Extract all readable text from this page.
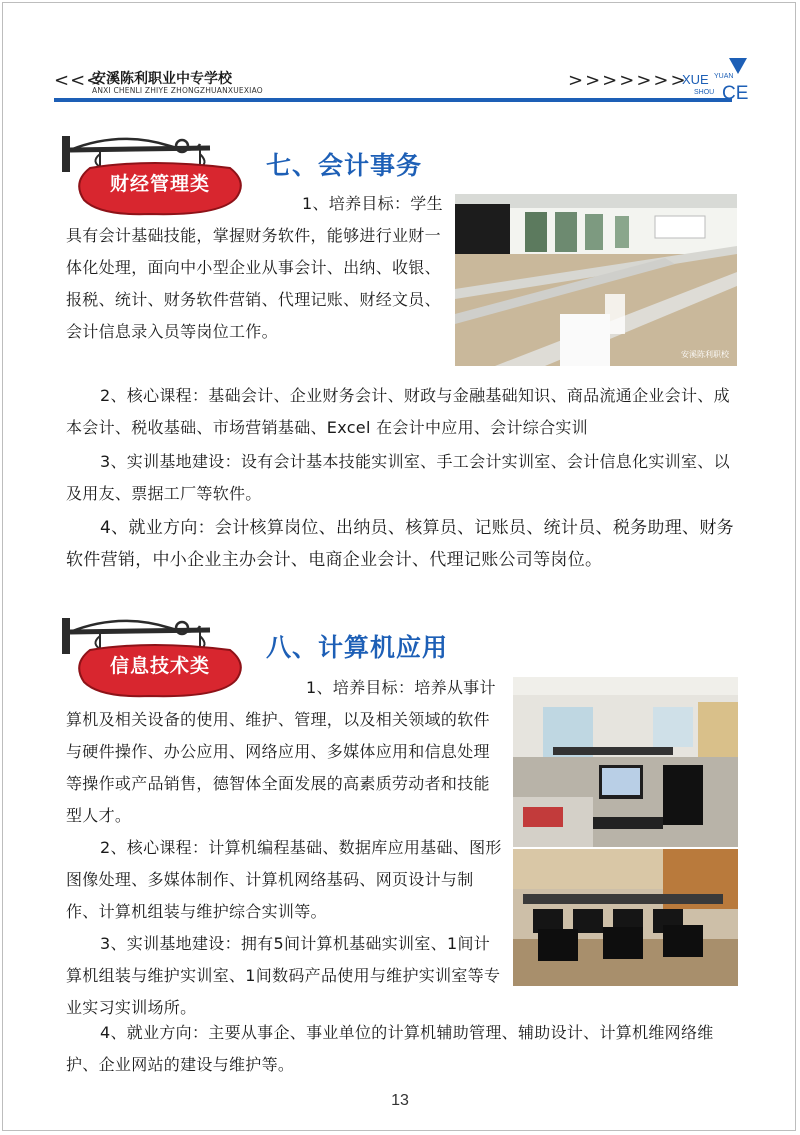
<<<
安溪陈利职业中专学校
ANXI CHENLI ZHIYE ZHONGZHUANXUEXIAO	>>>>>>>
XUE YUAN
SHOU CE
财经管理类
七、会计事务

1、培养目标：学生具有会计基础技能，掌握财务软件，能够进行业财一体化处理，面向中小型企业从事会计、出纳、收银、报税、统计、财务软件营销、代理记账、财经文员、会计信息录入员等岗位工作。

安溪陈利职校

2、核心课程：基础会计、企业财务会计、财政与金融基础知识、商品流通企业会计、成本会计、税收基础、市场营销基础、Excel 在会计中应用、会计综合实训

3、实训基地建设：设有会计基本技能实训室、手工会计实训室、会计信息化实训室、以及用友、票据工厂等软件。

4、就业方向：会计核算岗位、出纳员、核算员、记账员、统计员、税务助理、财务软件营销，中小企业主办会计、电商企业会计、代理记账公司等岗位。

信息技术类
八、计算机应用

1、培养目标：培养从事计算机及相关设备的使用、维护、管理，以及相关领域的软件与硬件操作、办公应用、网络应用、多媒体应用和信息处理等操作或产品销售，德智体全面发展的高素质劳动者和技能型人才。

2、核心课程：计算机编程基础、数据库应用基础、图形图像处理、多媒体制作、计算机网络基码、网页设计与制作、计算机组装与维护综合实训等。

3、实训基地建设：拥有5间计算机基础实训室、1间计算机组装与维护实训室、1间数码产品使用与维护实训室等专业实习实训场所。

4、就业方向：主要从事企、事业单位的计算机辅助管理、辅助设计、计算机维网络维护、企业网站的建设与维护等。

13
